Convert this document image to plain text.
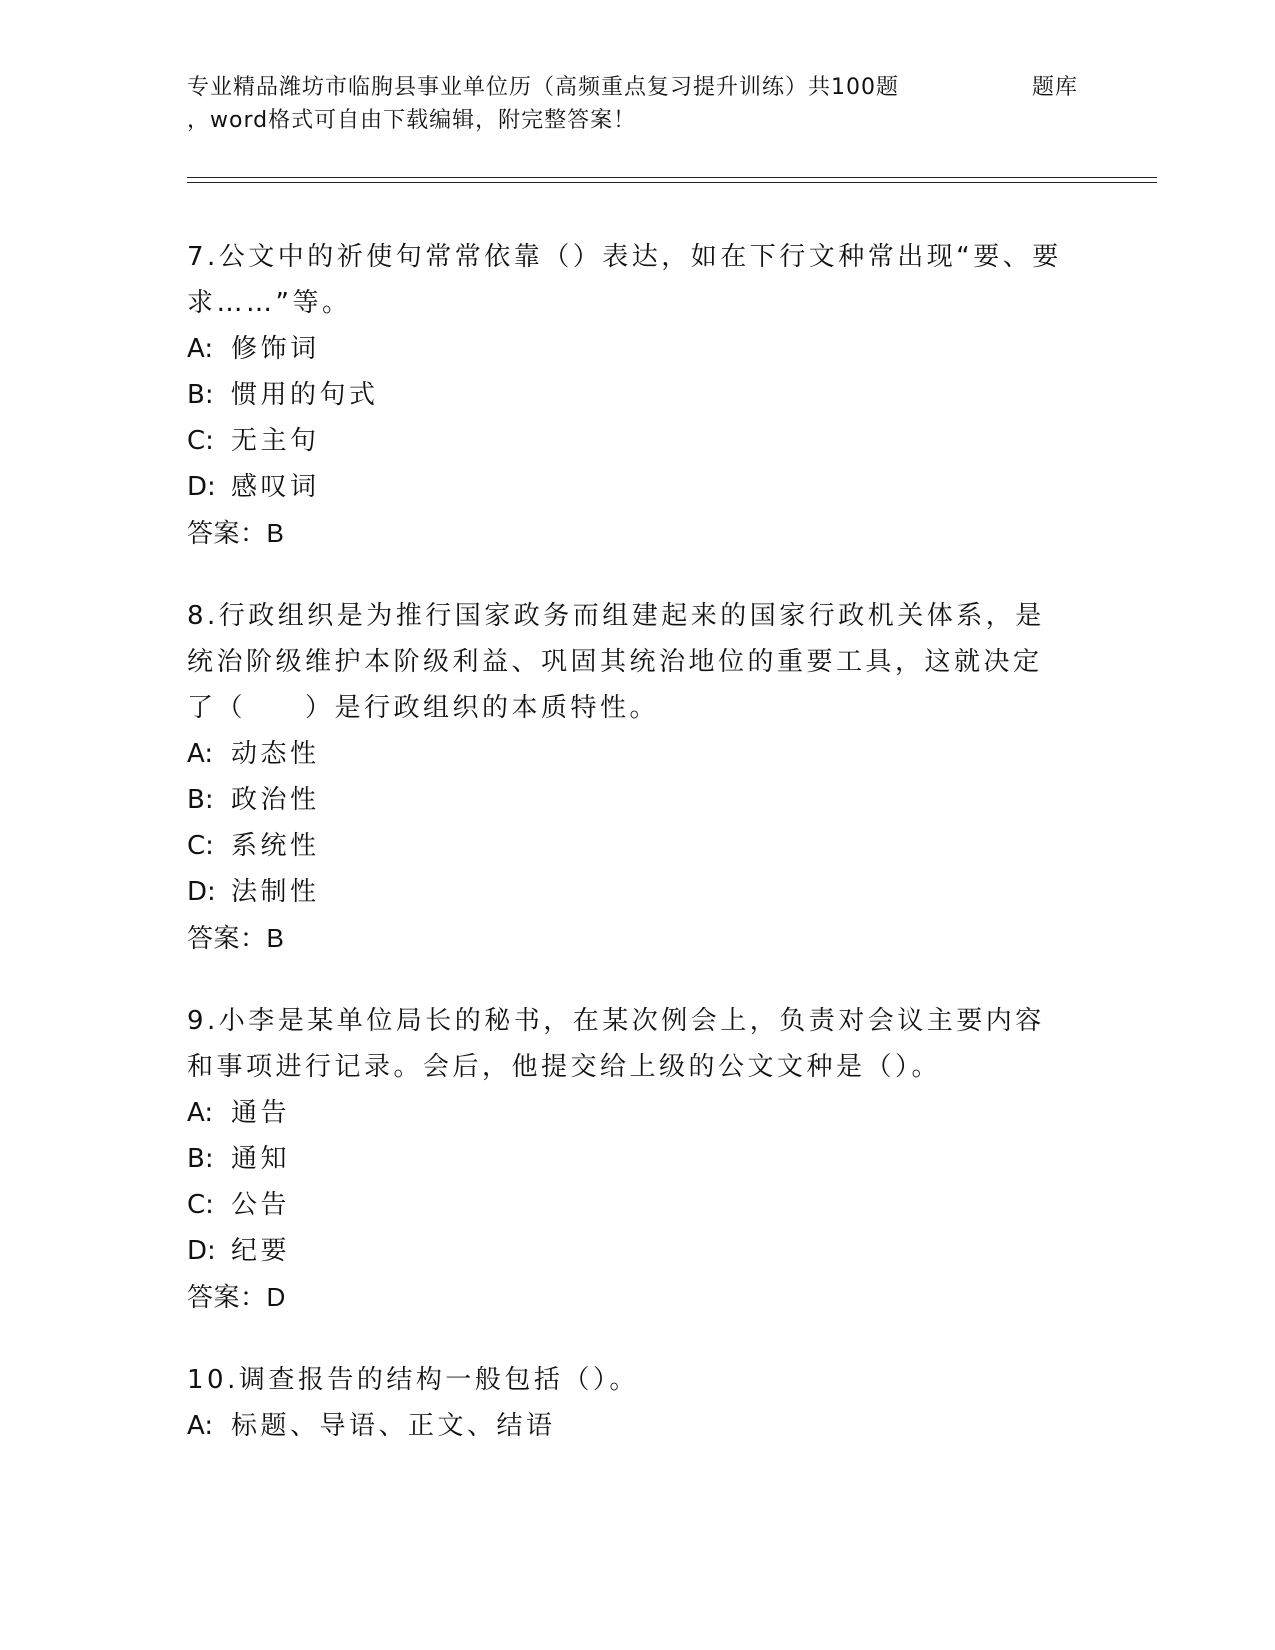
专业精品潍坊市临朐县事业单位历（高频重点复习提升训练）共100题	题库
，word格式可自由下载编辑，附完整答案！

7.公文中的祈使句常常依靠（）表达，如在下行文种常出现“要、要求……”等。

A: 修饰词

B: 惯用的句式

C: 无主句

D: 感叹词

答案：B

8.行政组织是为推行国家政务而组建起来的国家行政机关体系，是统治阶级维护本阶级利益、巩固其统治地位的重要工具，这就决定了（　　）是行政组织的本质特性。

A: 动态性

B: 政治性

C: 系统性

D: 法制性

答案：B

9.小李是某单位局长的秘书，在某次例会上，负责对会议主要内容和事项进行记录。会后，他提交给上级的公文文种是（）。

A: 通告

B: 通知

C: 公告

D: 纪要

答案：D

10.调查报告的结构一般包括（）。

A: 标题、导语、正文、结语
